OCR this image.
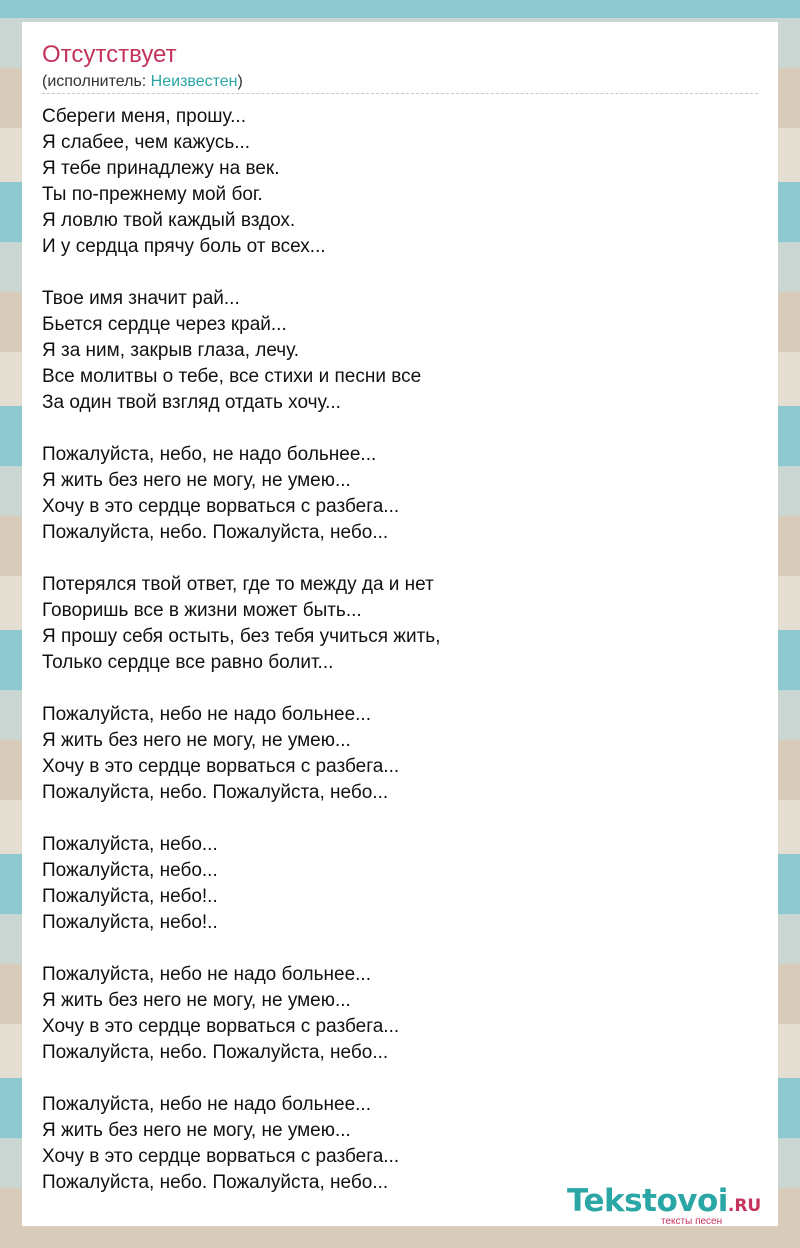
Отсутствует
(исполнитель: Неизвестен)
Сбереги меня, прошу...
Я слабее, чем кажусь...
Я тебе принадлежу на век.
Ты по-прежнему мой бог.
Я ловлю твой каждый вздох.
И у сердца прячу боль от всех...
Твое имя значит рай...
Бьется сердце через край...
Я за ним, закрыв глаза, лечу.
Все молитвы о тебе, все стихи и песни все
За один твой взгляд отдать хочу...
Пожалуйста, небо, не надо больнее...
Я жить без него не могу, не умею...
Хочу в это сердце ворваться с разбега...
Пожалуйста, небо. Пожалуйста, небо...
Потерялся твой ответ, где то между да и нет
Говоришь все в жизни может быть...
Я прошу себя остыть, без тебя учиться жить,
Только сердце все равно болит...
Пожалуйста, небо не надо больнее...
Я жить без него не могу, не умею...
Хочу в это сердце ворваться с разбега...
Пожалуйста, небо. Пожалуйста, небо...
Пожалуйста, небо...
Пожалуйста, небо...
Пожалуйста, небо!..
Пожалуйста, небо!..
Пожалуйста, небо не надо больнее...
Я жить без него не могу, не умею...
Хочу в это сердце ворваться с разбега...
Пожалуйста, небо. Пожалуйста, небо...
Пожалуйста, небо не надо больнее...
Я жить без него не могу, не умею...
Хочу в это сердце ворваться с разбега...
Пожалуйста, небо. Пожалуйста, небо...
Tekstovoi.RU
тексты песен
